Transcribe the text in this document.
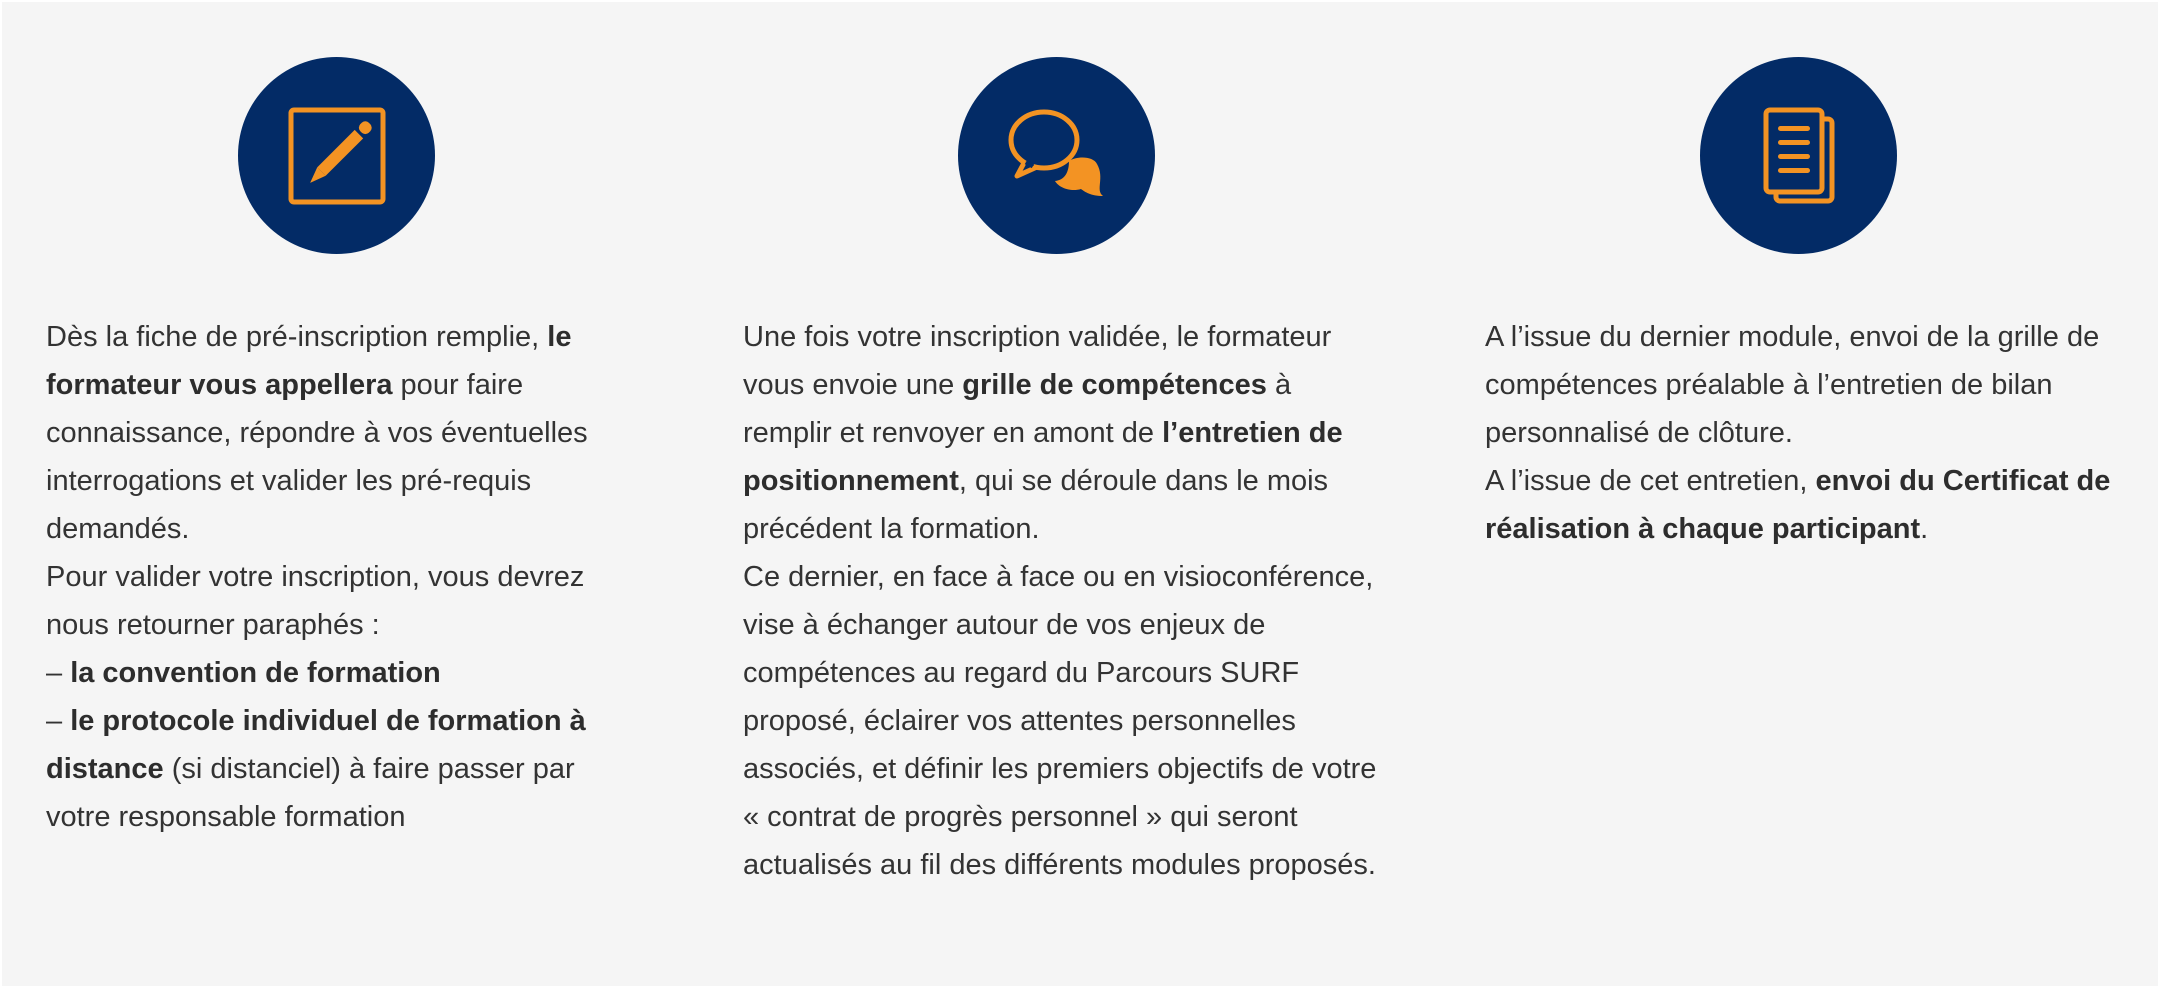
Dès la fiche de pré-inscription remplie, le formateur vous appellera pour faire connaissance, répondre à vos éventuelles interrogations et valider les pré-requis demandés.

Pour valider votre inscription, vous devrez nous retourner paraphés :

– la convention de formation

– le protocole individuel de formation à distance (si distanciel) à faire passer par votre responsable formation

Une fois votre inscription validée, le formateur vous envoie une grille de compétences à remplir et renvoyer en amont de l’entretien de positionnement, qui se déroule dans le mois précédent la formation.

Ce dernier, en face à face ou en visioconférence, vise à échanger autour de vos enjeux de compétences au regard du Parcours SURF proposé, éclairer vos attentes personnelles associés, et définir les premiers objectifs de votre « contrat de progrès personnel » qui seront actualisés au fil des différents modules proposés.

A l’issue du dernier module, envoi de la grille de compétences préalable à l’entretien de bilan personnalisé de clôture.

A l’issue de cet entretien, envoi du Certificat de réalisation à chaque participant.
